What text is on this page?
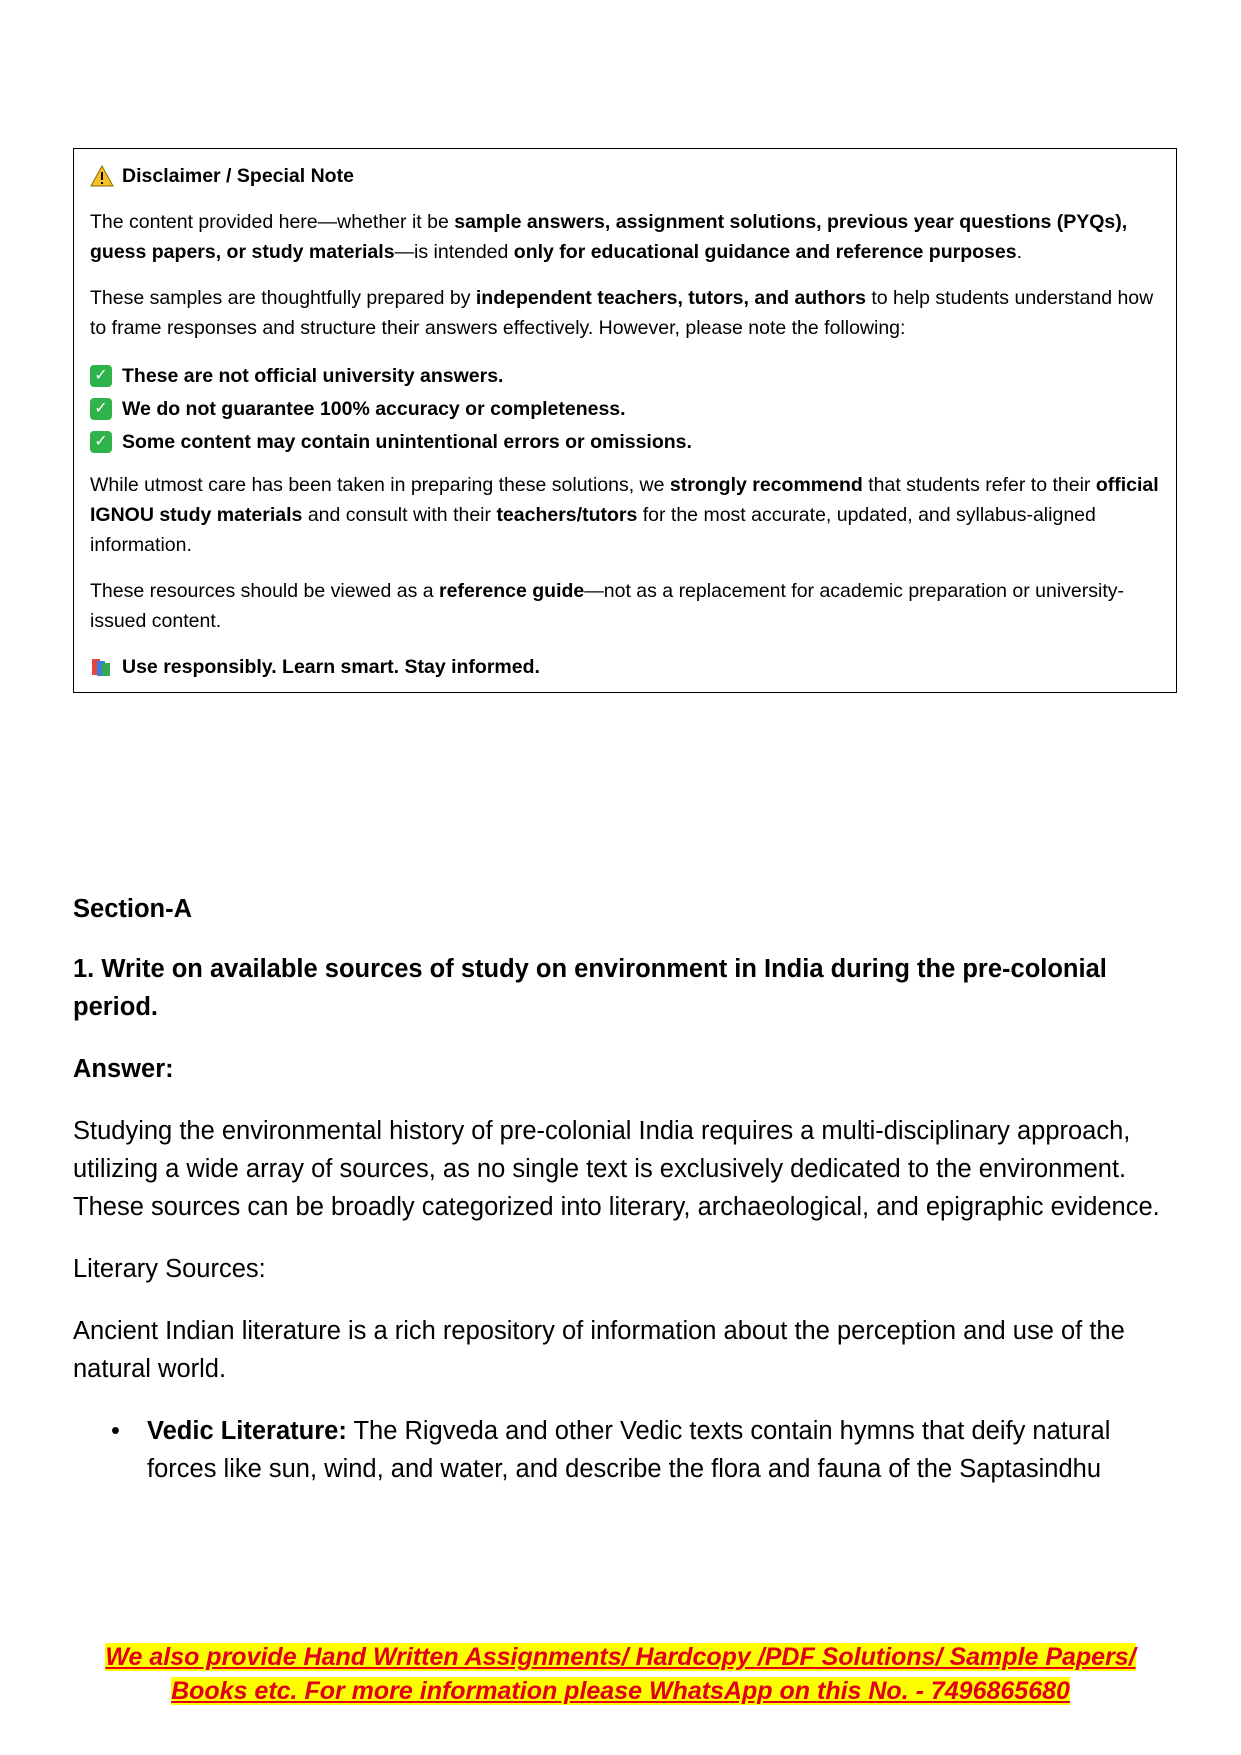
Disclaimer / Special Note

The content provided here—whether it be sample answers, assignment solutions, previous year questions (PYQs), guess papers, or study materials—is intended only for educational guidance and reference purposes.

These samples are thoughtfully prepared by independent teachers, tutors, and authors to help students understand how to frame responses and structure their answers effectively. However, please note the following:

✓ These are not official university answers.
✓ We do not guarantee 100% accuracy or completeness.
✓ Some content may contain unintentional errors or omissions.

While utmost care has been taken in preparing these solutions, we strongly recommend that students refer to their official IGNOU study materials and consult with their teachers/tutors for the most accurate, updated, and syllabus-aligned information.

These resources should be viewed as a reference guide—not as a replacement for academic preparation or university-issued content.

Use responsibly. Learn smart. Stay informed.

Section-A

1. Write on available sources of study on environment in India during the pre-colonial period.

Answer:

Studying the environmental history of pre-colonial India requires a multi-disciplinary approach, utilizing a wide array of sources, as no single text is exclusively dedicated to the environment. These sources can be broadly categorized into literary, archaeological, and epigraphic evidence.

Literary Sources:

Ancient Indian literature is a rich repository of information about the perception and use of the natural world.

• Vedic Literature: The Rigveda and other Vedic texts contain hymns that deify natural forces like sun, wind, and water, and describe the flora and fauna of the Saptasindhu
We also provide Hand Written Assignments/ Hardcopy /PDF Solutions/ Sample Papers/
Books etc. For more information please WhatsApp on this No. - 7496865680
